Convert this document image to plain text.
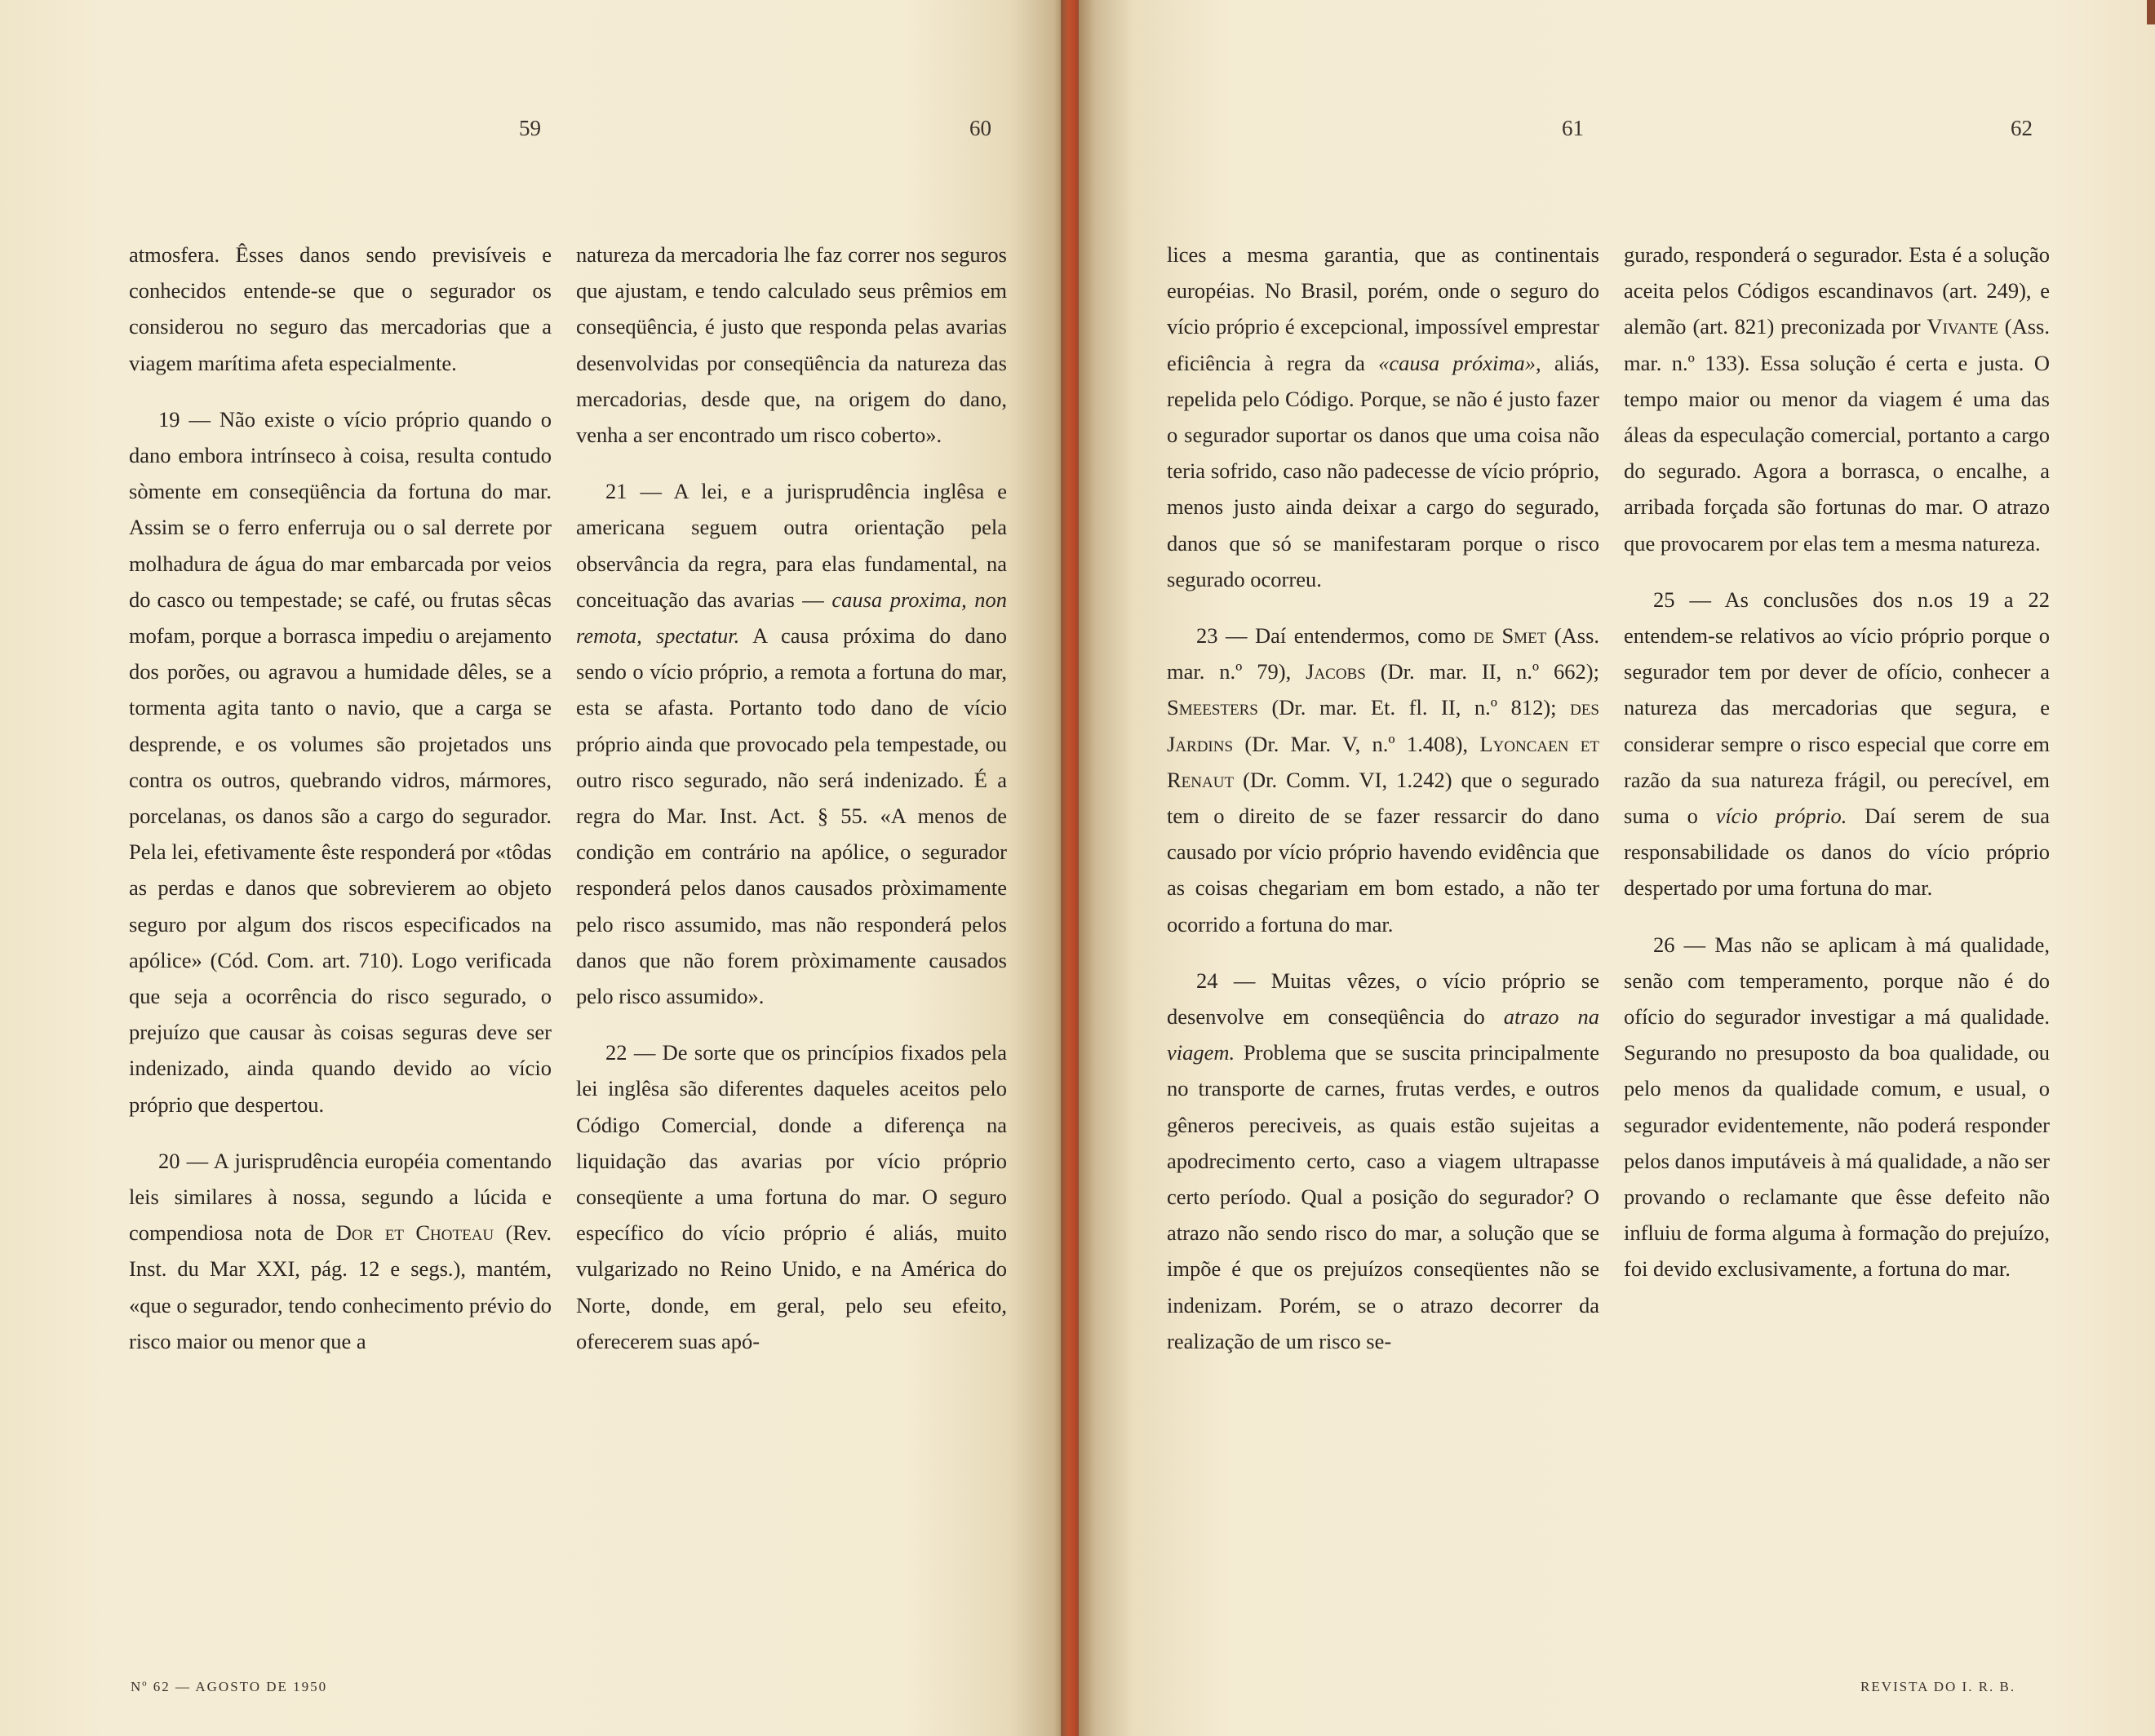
59	60

atmosfera. Êsses danos sendo previsíveis e conhecidos entende-se que o segurador os considerou no seguro das mercadorias que a viagem marítima afeta especialmente.

19 — Não existe o vício próprio quando o dano embora intrínseco à coisa, resulta contudo sòmente em conseqüência da fortuna do mar. Assim se o ferro enferruja ou o sal derrete por molhadura de água do mar embarcada por veios do casco ou tempestade; se café, ou frutas sêcas mofam, porque a borrasca impediu o arejamento dos porões, ou agravou a humidade dêles, se a tormenta agita tanto o navio, que a carga se desprende, e os volumes são projetados uns contra os outros, quebrando vidros, mármores, porcelanas, os danos são a cargo do segurador. Pela lei, efetivamente êste responderá por «tôdas as perdas e danos que sobrevierem ao objeto seguro por algum dos riscos especificados na apólice» (Cód. Com. art. 710). Logo verificada que seja a ocorrência do risco segurado, o prejuízo que causar às coisas seguras deve ser indenizado, ainda quando devido ao vício próprio que despertou.

20 — A jurisprudência européia comentando leis similares à nossa, segundo a lúcida e compendiosa nota de Dor et Choteau (Rev. Inst. du Mar XXI, pág. 12 e segs.), mantém, «que o segurador, tendo conhecimento prévio do risco maior ou menor que a

natureza da mercadoria lhe faz correr nos seguros que ajustam, e tendo calculado seus prêmios em conseqüência, é justo que responda pelas avarias desenvolvidas por conseqüência da natureza das mercadorias, desde que, na origem do dano, venha a ser encontrado um risco coberto».

21 — A lei, e a jurisprudência inglêsa e americana seguem outra orientação pela observância da regra, para elas fundamental, na conceituação das avarias — causa proxima, non remota, spectatur. A causa próxima do dano sendo o vício próprio, a remota a fortuna do mar, esta se afasta. Portanto todo dano de vício próprio ainda que provocado pela tempestade, ou outro risco segurado, não será indenizado. É a regra do Mar. Inst. Act. § 55. «A menos de condição em contrário na apólice, o segurador responderá pelos danos causados pròximamente pelo risco assumido, mas não responderá pelos danos que não forem pròximamente causados pelo risco assumido».

22 — De sorte que os princípios fixados pela lei inglêsa são diferentes daqueles aceitos pelo Código Comercial, donde a diferença na liquidação das avarias por vício próprio conseqüente a uma fortuna do mar. O seguro específico do vício próprio é aliás, muito vulgarizado no Reino Unido, e na América do Norte, donde, em geral, pelo seu efeito, oferecerem suas apó-

Nº 62 — AGOSTO DE 1950
61	62

lices a mesma garantia, que as continentais européias. No Brasil, porém, onde o seguro do vício próprio é excepcional, impossível emprestar eficiência à regra da «causa próxima», aliás, repelida pelo Código. Porque, se não é justo fazer o segurador suportar os danos que uma coisa não teria sofrido, caso não padecesse de vício próprio, menos justo ainda deixar a cargo do segurado, danos que só se manifestaram porque o risco segurado ocorreu.

23 — Daí entendermos, como de Smet (Ass. mar. n.º 79), Jacobs (Dr. mar. II, n.º 662); Smeesters (Dr. mar. Et. fl. II, n.º 812); des Jardins (Dr. Mar. V, n.º 1.408), Lyoncaen et Renaut (Dr. Comm. VI, 1.242) que o segurado tem o direito de se fazer ressarcir do dano causado por vício próprio havendo evidência que as coisas chegariam em bom estado, a não ter ocorrido a fortuna do mar.

24 — Muitas vêzes, o vício próprio se desenvolve em conseqüência do atrazo na viagem. Problema que se suscita principalmente no transporte de carnes, frutas verdes, e outros gêneros pereciveis, as quais estão sujeitas a apodrecimento certo, caso a viagem ultrapasse certo período. Qual a posição do segurador? O atrazo não sendo risco do mar, a solução que se impõe é que os prejuízos conseqüentes não se indenizam. Porém, se o atrazo decorrer da realização de um risco se-

gurado, responderá o segurador. Esta é a solução aceita pelos Códigos escandinavos (art. 249), e alemão (art. 821) preconizada por Vivante (Ass. mar. n.º 133). Essa solução é certa e justa. O tempo maior ou menor da viagem é uma das áleas da especulação comercial, portanto a cargo do segurado. Agora a borrasca, o encalhe, a arribada forçada são fortunas do mar. O atrazo que provocarem por elas tem a mesma natureza.

25 — As conclusões dos n.os 19 a 22 entendem-se relativos ao vício próprio porque o segurador tem por dever de ofício, conhecer a natureza das mercadorias que segura, e considerar sempre o risco especial que corre em razão da sua natureza frágil, ou perecível, em suma o vício próprio. Daí serem de sua responsabilidade os danos do vício próprio despertado por uma fortuna do mar.

26 — Mas não se aplicam à má qualidade, senão com temperamento, porque não é do ofício do segurador investigar a má qualidade. Segurando no presuposto da boa qualidade, ou pelo menos da qualidade comum, e usual, o segurador evidentemente, não poderá responder pelos danos imputáveis à má qualidade, a não ser provando o reclamante que êsse defeito não influiu de forma alguma à formação do prejuízo, foi devido exclusivamente, a fortuna do mar.

REVISTA DO I. R. B.
